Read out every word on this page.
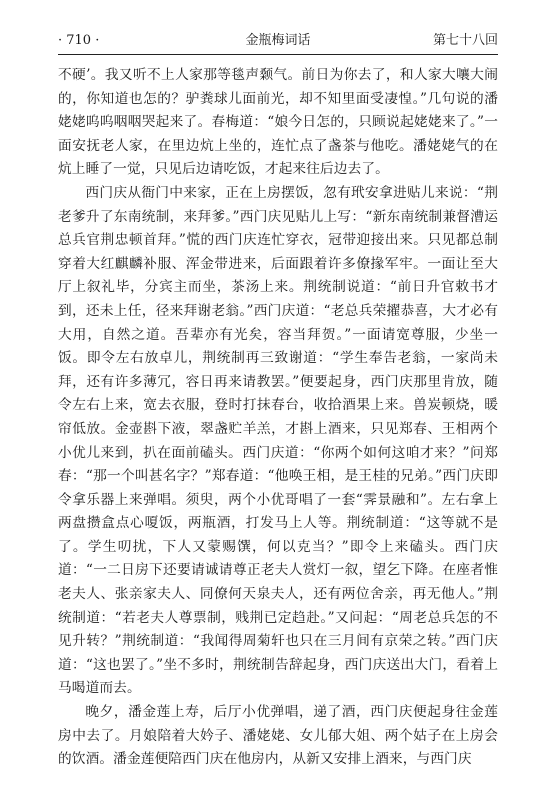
· 710 ·	金瓶梅词话	第七十八回

不硬’。我又听不上人家那等毯声颡气。前日为你去了，和人家大嚷大闹的，你知道也怎的？驴粪球儿面前光，却不知里面受凄惶。”几句说的潘姥姥呜呜咽咽哭起来了。春梅道：“娘今日怎的，只顾说起姥姥来了。”一面安抚老人家，在里边炕上坐的，连忙点了盏茶与他吃。潘姥姥气的在炕上睡了一觉，只见后边请吃饭，才起来往后边去了。

西门庆从衙门中来家，正在上房摆饭，忽有玳安拿进贴儿来说：“荆老爹升了东南统制，来拜爹。”西门庆见贴儿上写：“新东南统制兼督漕运总兵官荆忠顿首拜。”慌的西门庆连忙穿衣，冠带迎接出来。只见都总制穿着大红麒麟补服、浑金带进来，后面跟着许多僚掾军牢。一面让至大厅上叙礼毕，分宾主而坐，茶汤上来。荆统制说道：“前日升官敕书才到，还未上任，径来拜谢老翁。”西门庆道：“老总兵荣擢恭喜，大才必有大用，自然之道。吾辈亦有光矣，容当拜贺。”一面请宽尊服，少坐一饭。即令左右放卓儿，荆统制再三致谢道：“学生奉告老翁，一家尚未拜，还有许多薄冗，容日再来请教罢。”便要起身，西门庆那里肯放，随令左右上来，宽去衣服，登时打抹春台，收拾酒果上来。兽炭顿烧，暖帘低放。金壶斟下液，翠盏贮羊羔，才斟上酒来，只见郑春、王相两个小优儿来到，扒在面前磕头。西门庆道：“你两个如何这咱才来？”问郑春：“那一个叫甚名字？”郑春道：“他唤王相，是王桂的兄弟。”西门庆即令拿乐器上来弹唱。须臾，两个小优哥唱了一套“霁景融和”。左右拿上两盘攒盒点心嗄饭，两瓶酒，打发马上人等。荆统制道：“这等就不是了。学生叨扰，下人又蒙赐馔，何以克当？”即令上来磕头。西门庆道：“一二日房下还要请诚请尊正老夫人赏灯一叙，望乞下降。在座者惟老夫人、张亲家夫人、同僚何天泉夫人，还有两位舍亲，再无他人。”荆统制道：“若老夫人尊票制，贱荆已定趋赴。”又问起：“周老总兵怎的不见升转？”荆统制道：“我闻得周菊轩也只在三月间有京荣之转。”西门庆道：“这也罢了。”坐不多时，荆统制告辞起身，西门庆送出大门，看着上马喝道而去。

晚夕，潘金莲上寿，后厅小优弹唱，递了酒，西门庆便起身往金莲房中去了。月娘陪着大妗子、潘姥姥、女儿郁大姐、两个姑子在上房会的饮酒。潘金莲便陪西门庆在他房内，从新又安排上酒来，与西门庆
